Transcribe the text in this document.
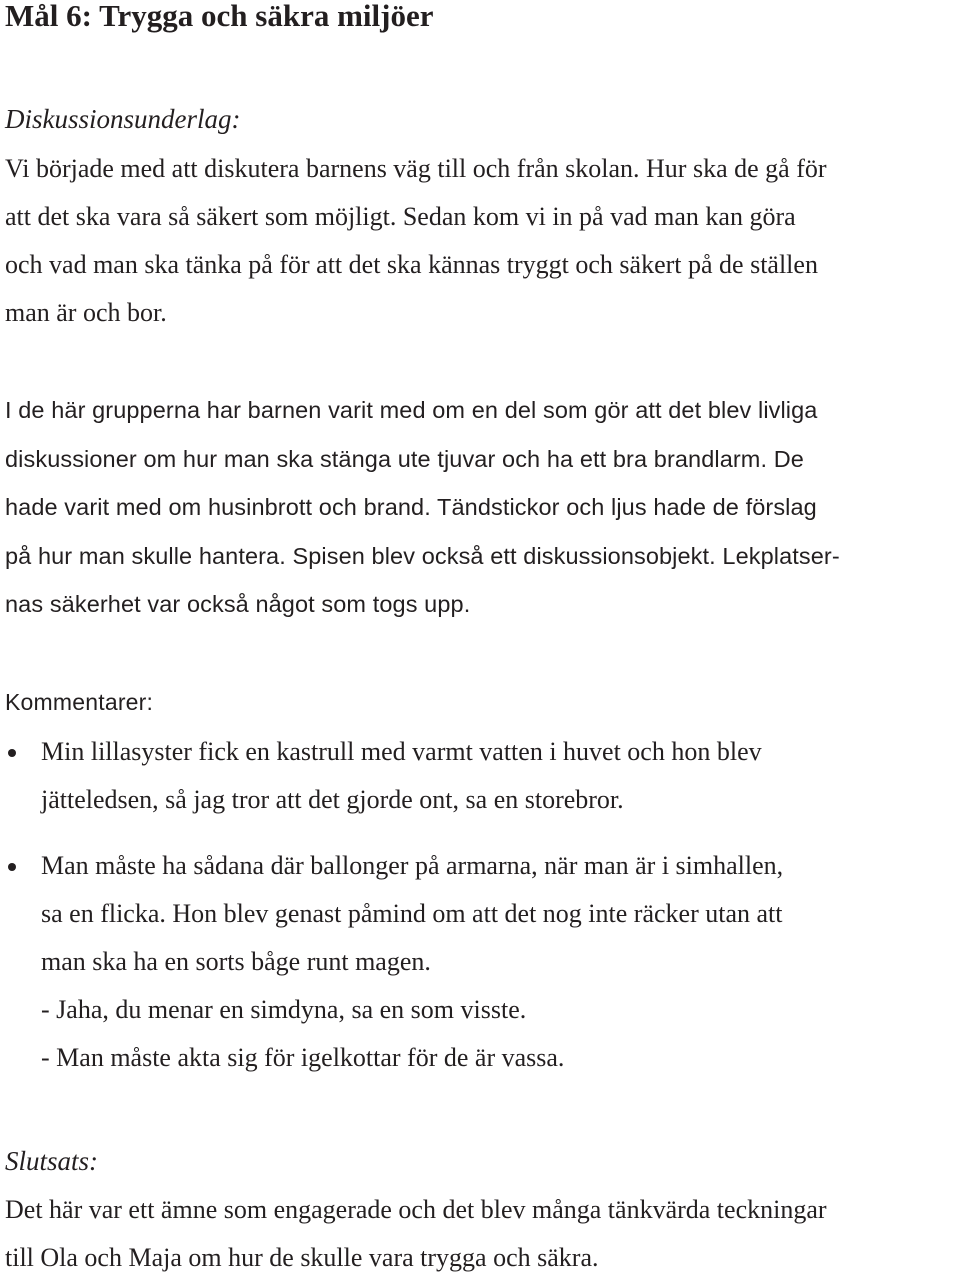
Mål 6: Trygga och säkra miljöer
Diskussionsunderlag:

Vi började med att diskutera barnens väg till och från skolan. Hur ska de gå för
att det ska vara så säkert som möjligt. Sedan kom vi in på vad man kan göra
och vad man ska tänka på för att det ska kännas tryggt och säkert på de ställen
man är och bor.

I de här grupperna har barnen varit med om en del som gör att det blev livliga
diskussioner om hur man ska stänga ute tjuvar och ha ett bra brandlarm. De
hade varit med om husinbrott och brand. Tändstickor och ljus hade de förslag
på hur man skulle hantera. Spisen blev också ett diskussionsobjekt. Lekplatser-
nas säkerhet var också något som togs upp.

Kommentarer:
Min lillasyster fick en kastrull med varmt vatten i huvet och hon blev
jätteledsen, så jag tror att det gjorde ont, sa en storebror.
Man måste ha sådana där ballonger på armarna, när man är i simhallen,
sa en flicka. Hon blev genast påmind om att det nog inte räcker utan att
man ska ha en sorts båge runt magen.
- Jaha, du menar en simdyna, sa en som visste.
- Man måste akta sig för igelkottar för de är vassa.
Slutsats:

Det här var ett ämne som engagerade och det blev många tänkvärda teckningar
till Ola och Maja om hur de skulle vara trygga och säkra.
